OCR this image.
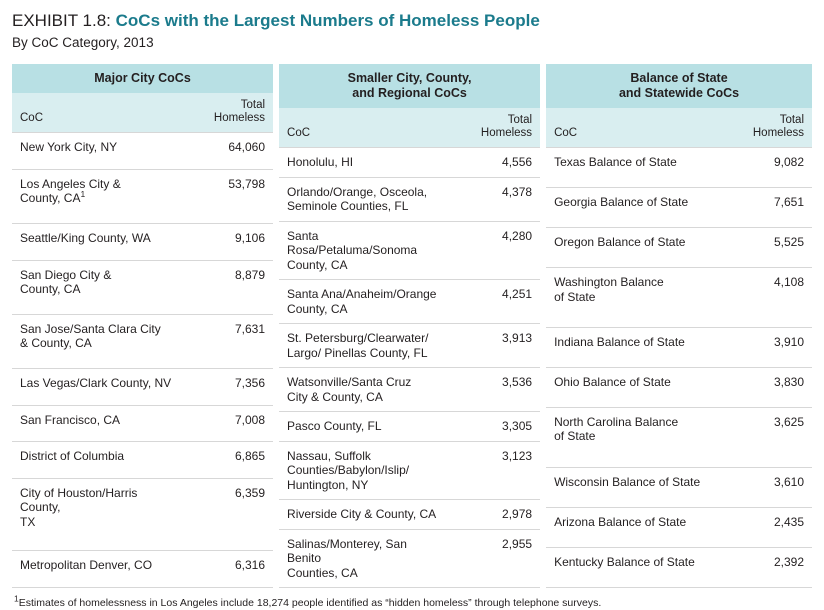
EXHIBIT 1.8: CoCs with the Largest Numbers of Homeless People
By CoC Category, 2013
Major City CoCs	
CoC	Total
Homeless
New York City, NY	64,060
Los Angeles City &
County, CA$^1$	53,798
Seattle/King County, WA	9,106
San Diego City &
County, CA	8,879
San Jose/Santa Clara City
& County, CA	7,631
Las Vegas/Clark County, NV	7,356
San Francisco, CA	7,008
District of Columbia	6,865
City of Houston/Harris County,
TX	6,359
Metropolitan Denver, CO	6,316
Smaller City, County,
and Regional CoCs	
CoC	Total
Homeless
Honolulu, HI	4,556
Orlando/Orange, Osceola,
Seminole Counties, FL	4,378
Santa Rosa/Petaluma/Sonoma
County, CA	4,280
Santa Ana/Anaheim/Orange
County, CA	4,251
St. Petersburg/Clearwater/
Largo/ Pinellas County, FL	3,913
Watsonville/Santa Cruz
City & County, CA	3,536
Pasco County, FL	3,305
Nassau, Suffolk
Counties/Babylon/Islip/
Huntington, NY	3,123
Riverside City & County, CA	2,978
Salinas/Monterey, San Benito
Counties, CA	2,955
Balance of State
and Statewide CoCs	
CoC	Total
Homeless
Texas Balance of State	9,082
Georgia Balance of State	7,651
Oregon Balance of State	5,525
Washington Balance
of State	4,108
Indiana Balance of State	3,910
Ohio Balance of State	3,830
North Carolina Balance
of State	3,625
Wisconsin Balance of State	3,610
Arizona Balance of State	2,435
Kentucky Balance of State	2,392
$^1$Estimates of homelessness in Los Angeles include 18,274 people identified as “hidden homeless” through telephone surveys.
